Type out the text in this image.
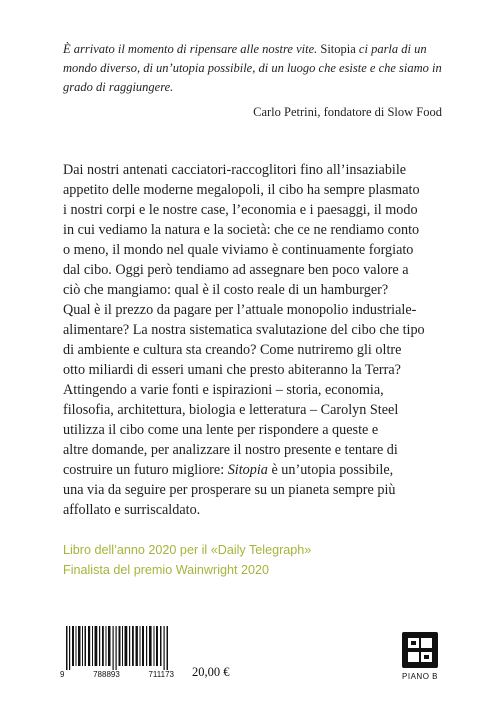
È arrivato il momento di ripensare alle nostre vite. Sitopia ci parla di un mondo diverso, di un’utopia possibile, di un luogo che esiste e che siamo in grado di raggiungere.
Carlo Petrini, fondatore di Slow Food

Dai nostri antenati cacciatori-raccoglitori fino all’insaziabile
appetito delle moderne megalopoli, il cibo ha sempre plasmato
i nostri corpi e le nostre case, l’economia e i paesaggi, il modo
in cui vediamo la natura e la società: che ce ne rendiamo conto
o meno, il mondo nel quale viviamo è continuamente forgiato
dal cibo. Oggi però tendiamo ad assegnare ben poco valore a
ciò che mangiamo: qual è il costo reale di un hamburger?
Qual è il prezzo da pagare per l’attuale monopolio industriale-
alimentare? La nostra sistematica svalutazione del cibo che tipo
di ambiente e cultura sta creando? Come nutriremo gli oltre
otto miliardi di esseri umani che presto abiteranno la Terra?
Attingendo a varie fonti e ispirazioni – storia, economia,
filosofia, architettura, biologia e letteratura – Carolyn Steel
utilizza il cibo come una lente per rispondere a queste e
altre domande, per analizzare il nostro presente e tentare di
costruire un futuro migliore: Sitopia è un’utopia possibile,
una via da seguire per prosperare su un pianeta sempre più
affollato e surriscaldato.

Libro dell’anno 2020 per il «Daily Telegraph»
Finalista del premio Wainwright 2020
9	788893	711173 20,00 €	PIANO B
